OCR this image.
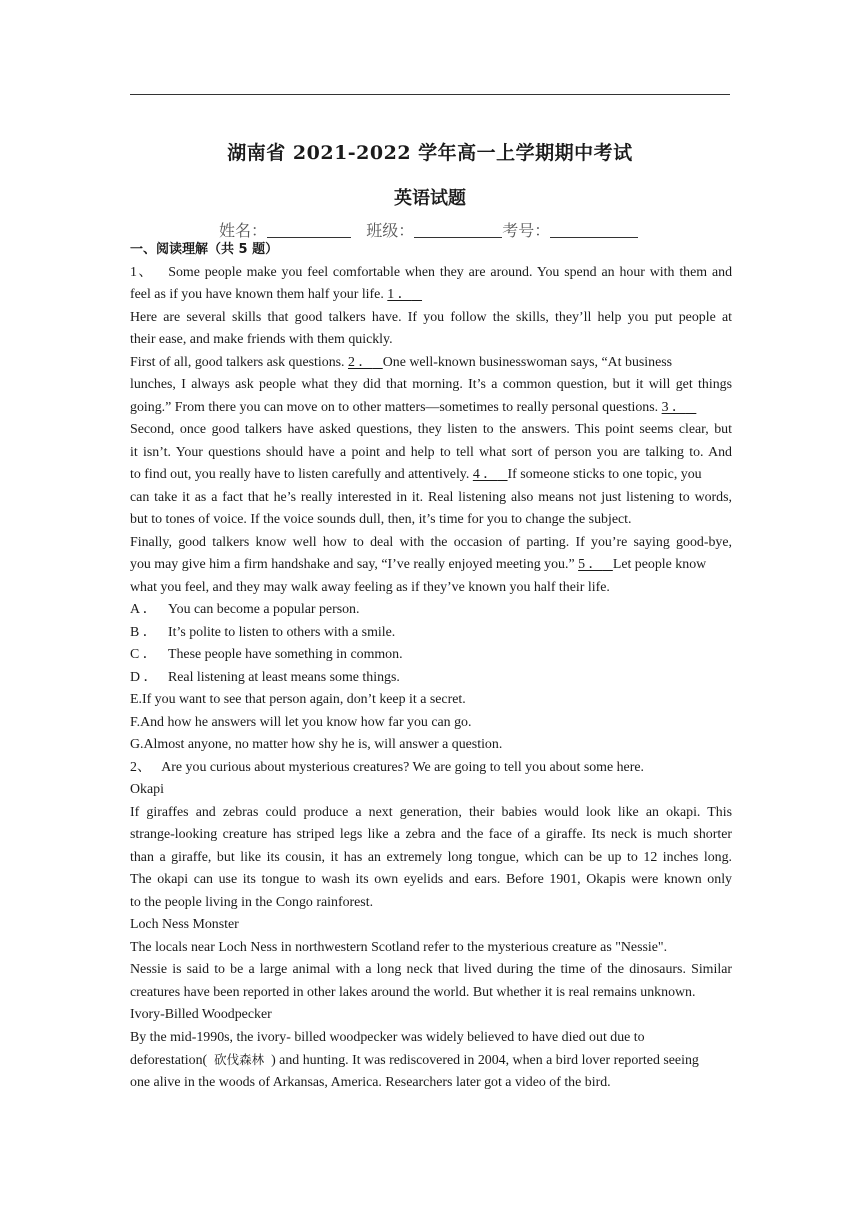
湖南省 2021-2022 学年高一上学期期中考试
英语试题
姓名：	班级：	考号：
一、阅读理解（共 5 题）
1、 Some people make you feel comfortable when they are around. You spend an hour with them and
feel as if you have known them half your life. 1 ．
Here are several skills that good talkers have. If you follow the skills, they’ll help you put people at
their ease, and make friends with them quickly.
First of all, good talkers ask questions. 2 ． One well-known businesswoman says, “At business
lunches, I always ask people what they did that morning. It’s a common question, but it will get things
going.” From there you can move on to other matters—sometimes to really personal questions. 3 ．
Second, once good talkers have asked questions, they listen to the answers. This point seems clear, but
it isn’t. Your questions should have a point and help to tell what sort of person you are talking to. And
to find out, you really have to listen carefully and attentively. 4 ． If someone sticks to one topic, you
can take it as a fact that he’s really interested in it. Real listening also means not just listening to words,
but to tones of voice. If the voice sounds dull, then, it’s time for you to change the subject.
Finally, good talkers know well how to deal with the occasion of parting. If you’re saying good-bye,
you may give him a firm handshake and say, “I’ve really enjoyed meeting you.” 5 ． Let people know
what you feel, and they may walk away feeling as if they’ve known you half their life.
A ． You can become a popular person.
B ． It’s polite to listen to others with a smile.
C ． These people have something in common.
D ． Real listening at least means some things.
E.If you want to see that person again, don’t keep it a secret.
F.And how he answers will let you know how far you can go.
G.Almost anyone, no matter how shy he is, will answer a question.
2、 Are you curious about mysterious creatures? We are going to tell you about some here.
Okapi
If giraffes and zebras could produce a next generation, their babies would look like an okapi. This
strange-looking creature has striped legs like a zebra and the face of a giraffe. Its neck is much shorter
than a giraffe, but like its cousin, it has an extremely long tongue, which can be up to 12 inches long.
The okapi can use its tongue to wash its own eyelids and ears. Before 1901, Okapis were known only
to the people living in the Congo rainforest.
Loch Ness Monster
The locals near Loch Ness in northwestern Scotland refer to the mysterious creature as "Nessie".
Nessie is said to be a large animal with a long neck that lived during the time of the dinosaurs. Similar
creatures have been reported in other lakes around the world. But whether it is real remains unknown.
Ivory-Billed Woodpecker
By the mid-1990s, the ivory- billed woodpecker was widely believed to have died out due to
deforestation( 砍伐森林 ) and hunting. It was rediscovered in 2004, when a bird lover reported seeing
one alive in the woods of Arkansas, America. Researchers later got a video of the bird.
